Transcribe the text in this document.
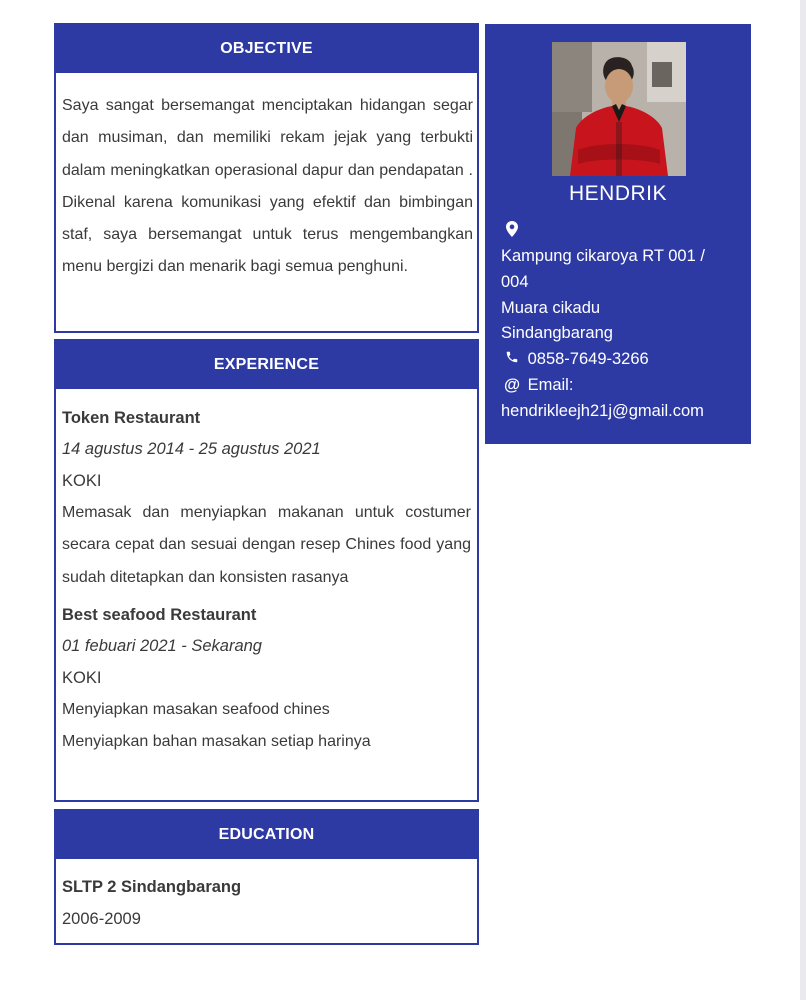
OBJECTIVE
Saya sangat bersemangat menciptakan hidangan segar dan musiman, dan memiliki rekam jejak yang terbukti dalam meningkatkan operasional dapur dan pendapatan . Dikenal karena komunikasi yang efektif dan bimbingan staf, saya bersemangat untuk terus mengembangkan menu bergizi dan menarik bagi semua penghuni.
EXPERIENCE
Token Restaurant
14 agustus 2014 - 25 agustus 2021
KOKI
Memasak dan menyiapkan makanan untuk costumer secara cepat dan sesuai dengan resep Chines food yang sudah ditetapkan dan konsisten rasanya
Best seafood Restaurant
01 febuari 2021 - Sekarang
KOKI
Menyiapkan masakan seafood chines
Menyiapkan bahan masakan setiap harinya
EDUCATION
SLTP 2 Sindangbarang
2006-2009
HENDRIK
Kampung cikaroya RT 001 /
004
Muara cikadu
Sindangbarang
0858-7649-3266
@ Email:
hendrikleejh21j@gmail.com
